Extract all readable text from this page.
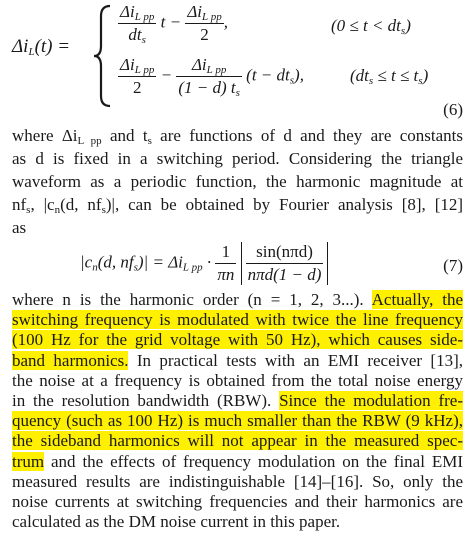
$\Delta i_L(t)$ =
$\frac{\Delta i_{L pp}}{dt_s}$ $t - \frac{\Delta i_{L pp}}{2}$ ,	$(0 \le t < dt_s)$
$\frac{\Delta i_{L pp}}{2} - \frac{\Delta i_{L pp}}{(1 - d) t_s} (t - dt_s)$,	$(dt_s \le t \le t_s)$
(6)
where $\Delta i_{L pp}$ and $t_s$ are functions of d and they are constants
as d is fixed in a switching period. Considering the triangle
waveform as a periodic function, the harmonic magnitude at
$nf_s$, $|c_n(d$, $nf_s)|$, can be obtained by Fourier analysis [8], [12]
as
$|c_n(d$, $nf_s)| = \Delta i_{L pp} \cdot \frac{1}{\pi n}$
$\frac{\text{sin(nπd)}}{\text{nπd(1 − d)}}$	(7)
where n is the harmonic order (n = 1, 2, 3...). Actually, the
switching frequency is modulated with twice the line frequency
(100 Hz for the grid voltage with 50 Hz), which causes side-
band harmonics. In practical tests with an EMI receiver [13],
the noise at a frequency is obtained from the total noise energy
in the resolution bandwidth (RBW). Since the modulation fre-
quency (such as 100 Hz) is much smaller than the RBW (9 kHz),
the sideband harmonics will not appear in the measured spec-
trum and the effects of frequency modulation on the final EMI
measured results are indistinguishable [14]–[16]. So, only the
noise currents at switching frequencies and their harmonics are
calculated as the DM noise current in this paper.
